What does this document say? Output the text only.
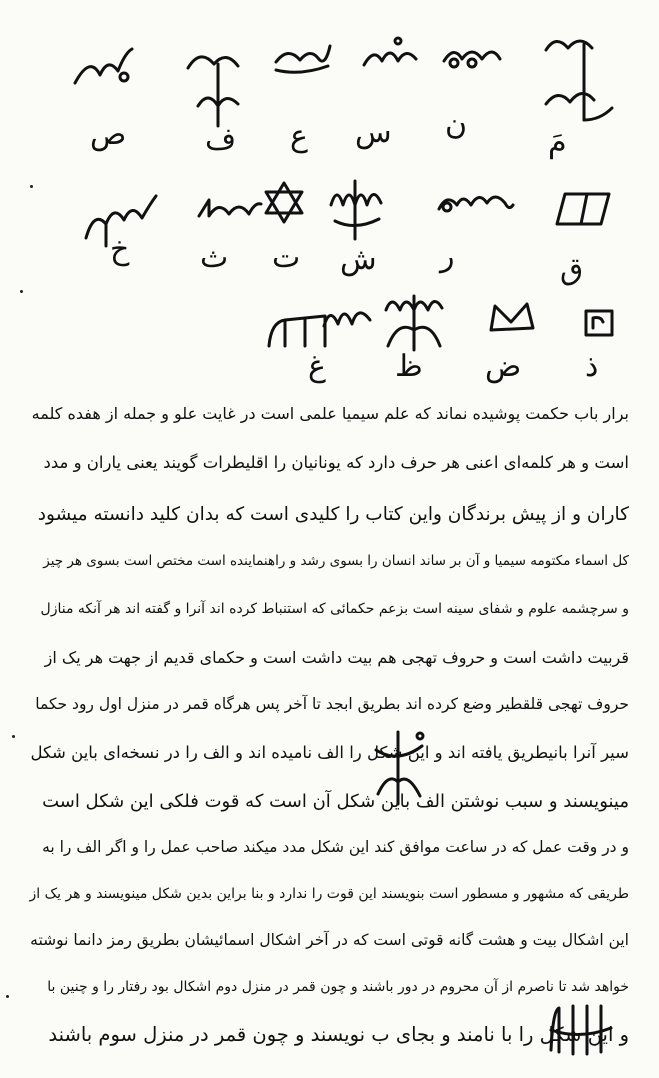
ص	ف ع س ن
مَ
خ ث ت ش ر	ق
غ ظ ض ذ
برار باب حکمت پوشیده نماند که علم سیمیا علمی است در غایت علو و جمله از هفده کلمه
است و هر کلمه‌ای اعنی هر حرف دارد که یونانیان را اقلیطرات گویند یعنی یاران و مدد
کاران و از پیش برندگان واین کتاب را کلیدی است که بدان کلید دانسته میشود
کل اسماء مکتومه سیمیا و آن بر ساند انسان را بسوی رشد و راهنماینده است مختص است بسوی هر چیز
و سرچشمه علوم و شفای سینه است بزعم حکمائی که استنباط کرده اند آنرا و گفته اند هر آنکه منازل
قربیت داشت است و حروف تهجی هم بیت داشت است و حکمای قدیم از جهت هر یک از
حروف تهجی قلقطیر وضع کرده اند بطریق ابجد تا آخر پس هرگاه قمر در منزل اول رود حکما
سیر آنرا بانیطریق یافته اند و این شکل را الف نامیده اند و الف را در نسخه‌ای باین شکل
مینویسند و سبب نوشتن الف باین شکل آن است که قوت فلکی این شکل است
و در وقت عمل که در ساعت موافق کند این شکل مدد میکند صاحب عمل را و اگر الف را به
طریقی که مشهور و مسطور است بنویسند این قوت را ندارد و بنا براین بدین شکل مینویسند و هر یک از
این اشکال بیت و هشت گانه قوتی است که در آخر اشکال اسمائیشان بطریق رمز دانما نوشته
خواهد شد تا ناصرم از آن محروم در دور باشند و چون قمر در منزل دوم اشکال بود رفتار را و چنین با
و این شکل را با نامند و بجای ب نویسند و چون قمر در منزل سوم باشند
